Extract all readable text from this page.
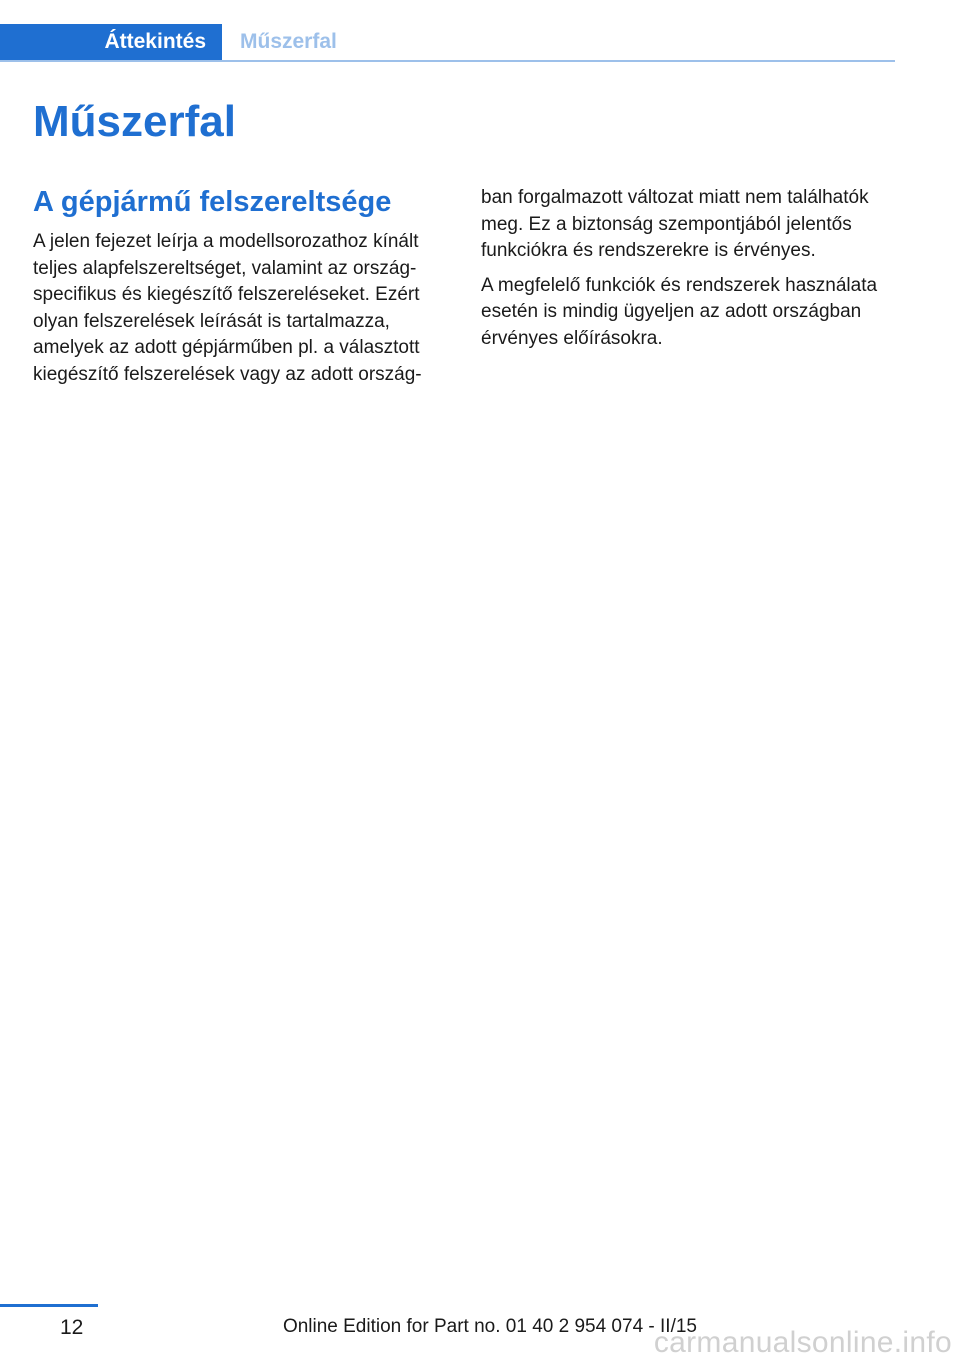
Áttekintés	Műszerfal
Műszerfal
A gépjármű felszereltsége

A jelen fejezet leírja a modellsorozathoz kínált
teljes alapfelszereltséget, valamint az ország-
specifikus és kiegészítő felszereléseket. Ezért
olyan felszerelések leírását is tartalmazza,
amelyek az adott gépjárműben pl. a választott
kiegészítő felszerelések vagy az adott ország-

ban forgalmazott változat miatt nem találhatók
meg. Ez a biztonság szempontjából jelentős
funkciókra és rendszerekre is érvényes.

A megfelelő funkciók és rendszerek használata
esetén is mindig ügyeljen az adott országban
érvényes előírásokra.

12	Online Edition for Part no. 01 40 2 954 074 - II/15
carmanualsonline.info
